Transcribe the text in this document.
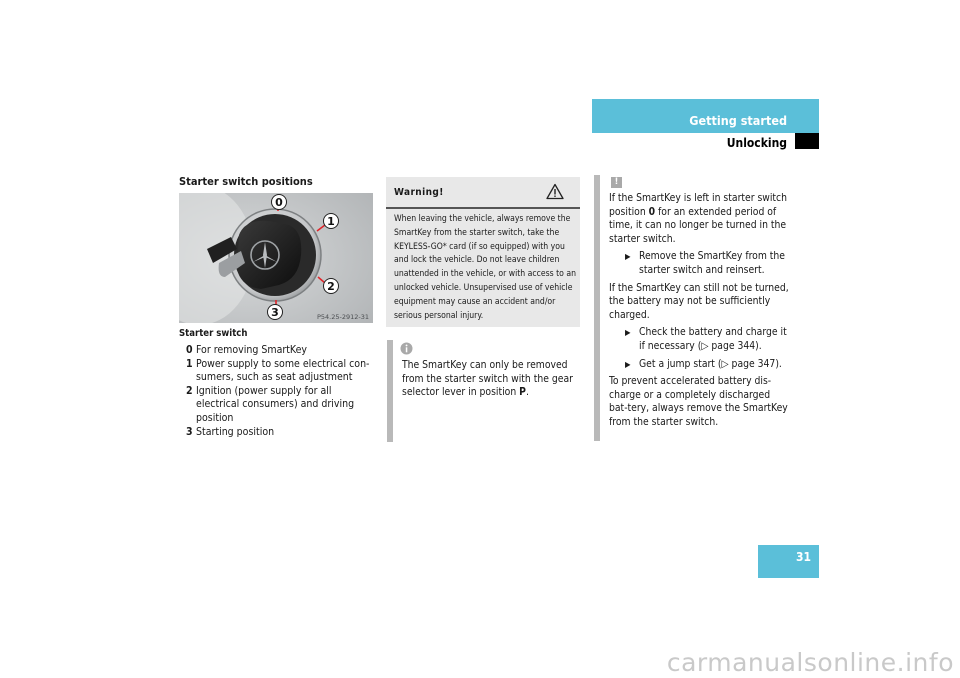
Getting started
Unlocking
Starter switch positions
0
1
2
3	P54.25-2912-31
Starter switch
0 For removing SmartKey
1 Power supply to some electrical con-sumers, such as seat adjustment
2 Ignition (power supply for all electrical consumers) and driving position
3 Starting position
Warning!
When leaving the vehicle, always remove the SmartKey from the starter switch, take the KEYLESS-GO* card (if so equipped) with you and lock the vehicle. Do not leave children unattended in the vehicle, or with access to an unlocked vehicle. Unsupervised use of vehicle equipment may cause an accident and/or serious personal injury.
The SmartKey can only be removed from the starter switch with the gear selector lever in position P.
!

If the SmartKey is left in starter switch position 0 for an extended period of time, it can no longer be turned in the starter switch.

▶ Remove the SmartKey from the starter switch and reinsert.

If the SmartKey can still not be turned, the battery may not be sufficiently charged.

▶ Check the battery and charge it if necessary (▷ page 344).
▶ Get a jump start (▷ page 347).

To prevent accelerated battery dis-charge or a completely discharged bat-tery, always remove the SmartKey from the starter switch.

31
carmanualsonline.info
